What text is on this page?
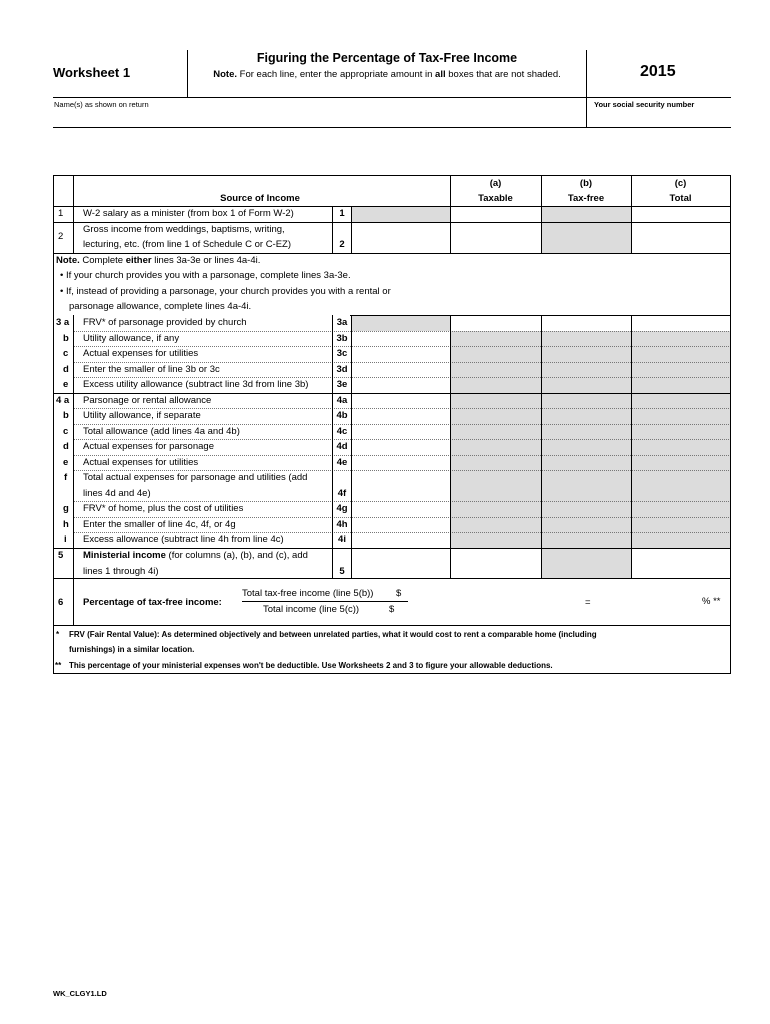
Worksheet 1
Figuring the Percentage of Tax-Free Income
Note. For each line, enter the appropriate amount in all boxes that are not shaded.	2015
Name(s) as shown on return	Your social security number
Source of Income
(a)
Taxable
(b)
Tax-free
(c)
Total
1 W-2 salary as a minister (from box 1 of Form W-2)	1
2
Gross income from weddings, baptisms, writing,
lecturing, etc. (from line 1 of Schedule C or C-EZ)	2
Note. Complete either lines 3a-3e or lines 4a-4i.
• If your church provides you with a parsonage, complete lines 3a-3e.
• If, instead of providing a parsonage, your church provides you with a rental or
parsonage allowance, complete lines 4a-4i.
3 a FRV* of parsonage provided by church	3a
b Utility allowance, if any	3b
c Actual expenses for utilities	3c
d Enter the smaller of line 3b or 3c	3d
e Excess utility allowance (subtract line 3d from line 3b)	3e
4 a Parsonage or rental allowance	4a
b Utility allowance, if separate	4b
c Total allowance (add lines 4a and 4b)	4c
d Actual expenses for parsonage	4d
e Actual expenses for utilities	4e
f Total actual expenses for parsonage and utilities (add
lines 4d and 4e)	4f
g FRV* of home, plus the cost of utilities	4g
h Enter the smaller of line 4c, 4f, or 4g	4h
i Excess allowance (subtract line 4h from line 4c)	4i
5 Ministerial income (for columns (a), (b), and (c), add
lines 1 through 4i)	5
6 Percentage of tax-free income:
Total tax-free income (line 5(b)) $
Total income (line 5(c))	$
=	% **
* FRV (Fair Rental Value): As determined objectively and between unrelated parties, what it would cost to rent a comparable home (including
furnishings) in a similar location.
** This percentage of your ministerial expenses won't be deductible. Use Worksheets 2 and 3 to figure your allowable deductions.
WK_CLGY1.LD
